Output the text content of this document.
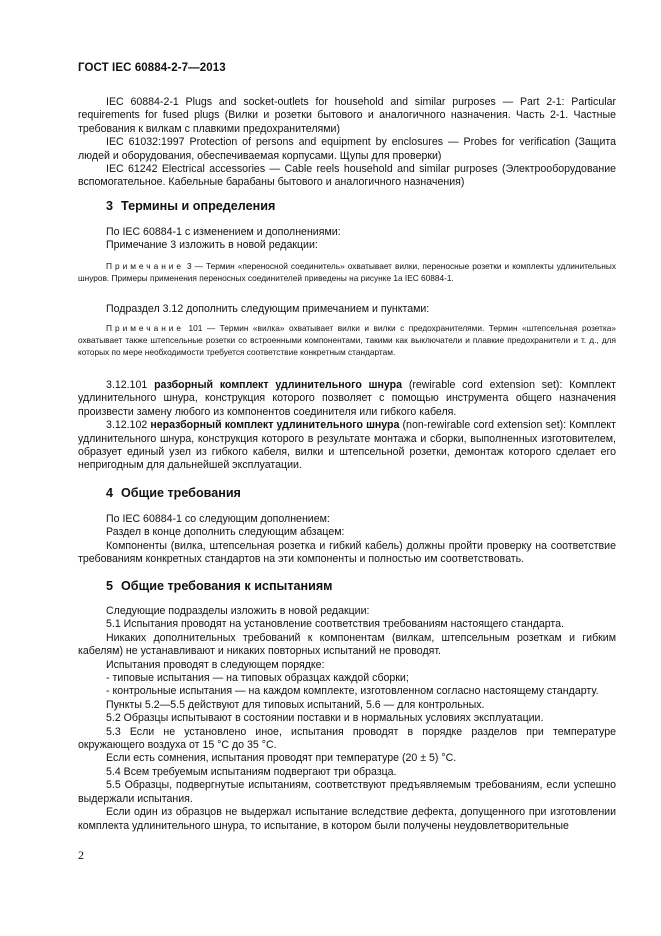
ГОСТ IEC 60884-2-7—2013

IEC 60884-2-1 Plugs and socket-outlets for household and similar purposes — Part 2-1: Particular requirements for fused plugs (Вилки и розетки бытового и аналогичного назначения. Часть 2-1. Частные требования к вилкам с плавкими предохранителями)

IEC 61032:1997 Protection of persons and equipment by enclosures — Probes for verification (Защита людей и оборудования, обеспечиваемая корпусами. Щупы для проверки)

IEC 61242 Electrical accessories — Cable reels household and similar purposes (Электрооборудование вспомогательное. Кабельные барабаны бытового и аналогичного назначения)

3 Термины и определения

По IEC 60884-1 с изменением и дополнениями:

Примечание 3 изложить в новой редакции:

Примечание 3 — Термин «переносной соединитель» охватывает вилки, переносные розетки и комплекты удлинительных шнуров. Примеры применения переносных соединителей приведены на рисунке 1а IEC 60884-1.

Подраздел 3.12 дополнить следующим примечанием и пунктами:

Примечание 101 — Термин «вилка» охватывает вилки и вилки с предохранителями. Термин «штепсельная розетка» охватывает также штепсельные розетки со встроенными компонентами, такими как выключатели и плавкие предохранители и т. д., для которых по мере необходимости требуется соответствие конкретным стандартам.

3.12.101 разборный комплект удлинительного шнура (rewirable cord extension set): Комплект удлинительного шнура, конструкция которого позволяет с помощью инструмента общего назначения произвести замену любого из компонентов соединителя или гибкого кабеля.

3.12.102 неразборный комплект удлинительного шнура (non-rewirable cord extension set): Комплект удлинительного шнура, конструкция которого в результате монтажа и сборки, выполненных изготовителем, образует единый узел из гибкого кабеля, вилки и штепсельной розетки, демонтаж которого сделает его непригодным для дальнейшей эксплуатации.

4 Общие требования

По IEC 60884-1 со следующим дополнением:

Раздел в конце дополнить следующим абзацем:

Компоненты (вилка, штепсельная розетка и гибкий кабель) должны пройти проверку на соответствие требованиям конкретных стандартов на эти компоненты и полностью им соответствовать.

5 Общие требования к испытаниям

Следующие подразделы изложить в новой редакции:

5.1 Испытания проводят на установление соответствия требованиям настоящего стандарта.

Никаких дополнительных требований к компонентам (вилкам, штепсельным розеткам и гибким кабелям) не устанавливают и никаких повторных испытаний не проводят.

Испытания проводят в следующем порядке:

- типовые испытания — на типовых образцах каждой сборки;

- контрольные испытания — на каждом комплекте, изготовленном согласно настоящему стандарту.

Пункты 5.2—5.5 действуют для типовых испытаний, 5.6 — для контрольных.

5.2 Образцы испытывают в состоянии поставки и в нормальных условиях эксплуатации.

5.3 Если не установлено иное, испытания проводят в порядке разделов при температуре окружающего воздуха от 15 °С до 35 °С.

Если есть сомнения, испытания проводят при температуре (20 ± 5) °С.

5.4 Всем требуемым испытаниям подвергают три образца.

5.5 Образцы, подвергнутые испытаниям, соответствуют предъявляемым требованиям, если успешно выдержали испытания.

Если один из образцов не выдержал испытание вследствие дефекта, допущенного при изготовлении комплекта удлинительного шнура, то испытание, в котором были получены неудовлетворительные

2
